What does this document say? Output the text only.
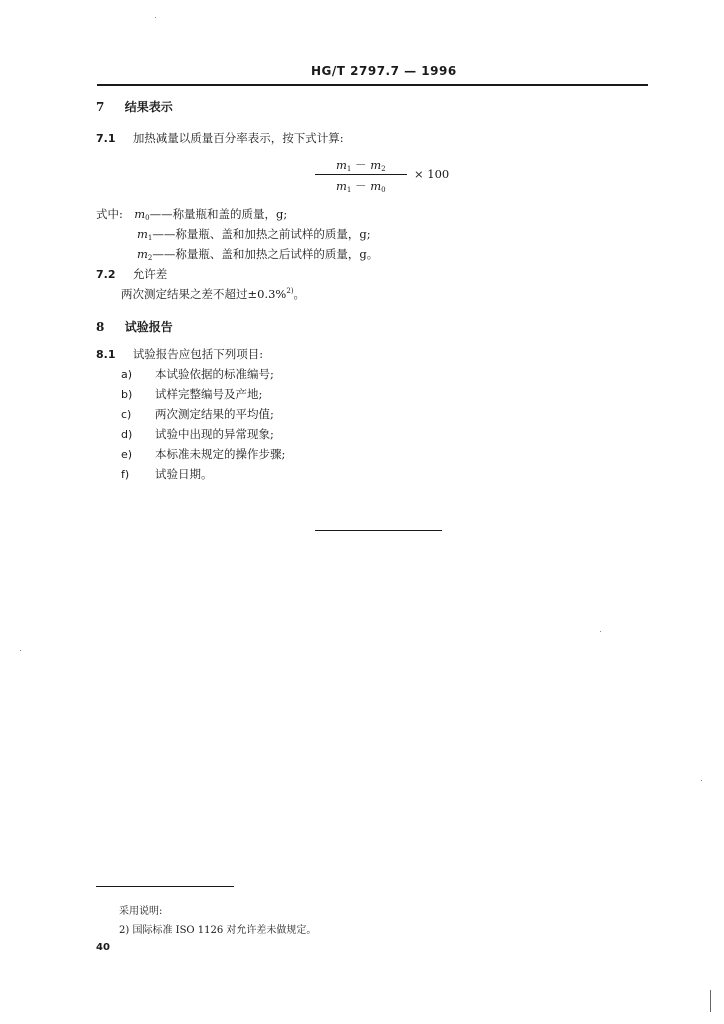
HG/T 2797.7 — 1996
7 结果表示
7.1 加热减量以质量百分率表示，按下式计算:
$m_1 - m_2 \times 100$
$m_1 - m_0$
式中: $m_0——$称量瓶和盖的质量，g;
$m_1——$称量瓶、盖和加热之前试样的质量，g;
$m_2——$称量瓶、盖和加热之后试样的质量，g。
7.2 允许差
两次测定结果之差不超过±0.3%$^{2)}$。
8 试验报告
8.1 试验报告应包括下列项目:
a) 本试验依据的标准编号;
b) 试样完整编号及产地;
c) 两次测定结果的平均值;
d) 试验中出现的异常现象;
e) 本标准未规定的操作步骤;
f) 试验日期。
采用说明:
2) 国际标准 ISO 1126 对允许差未做规定。
40
